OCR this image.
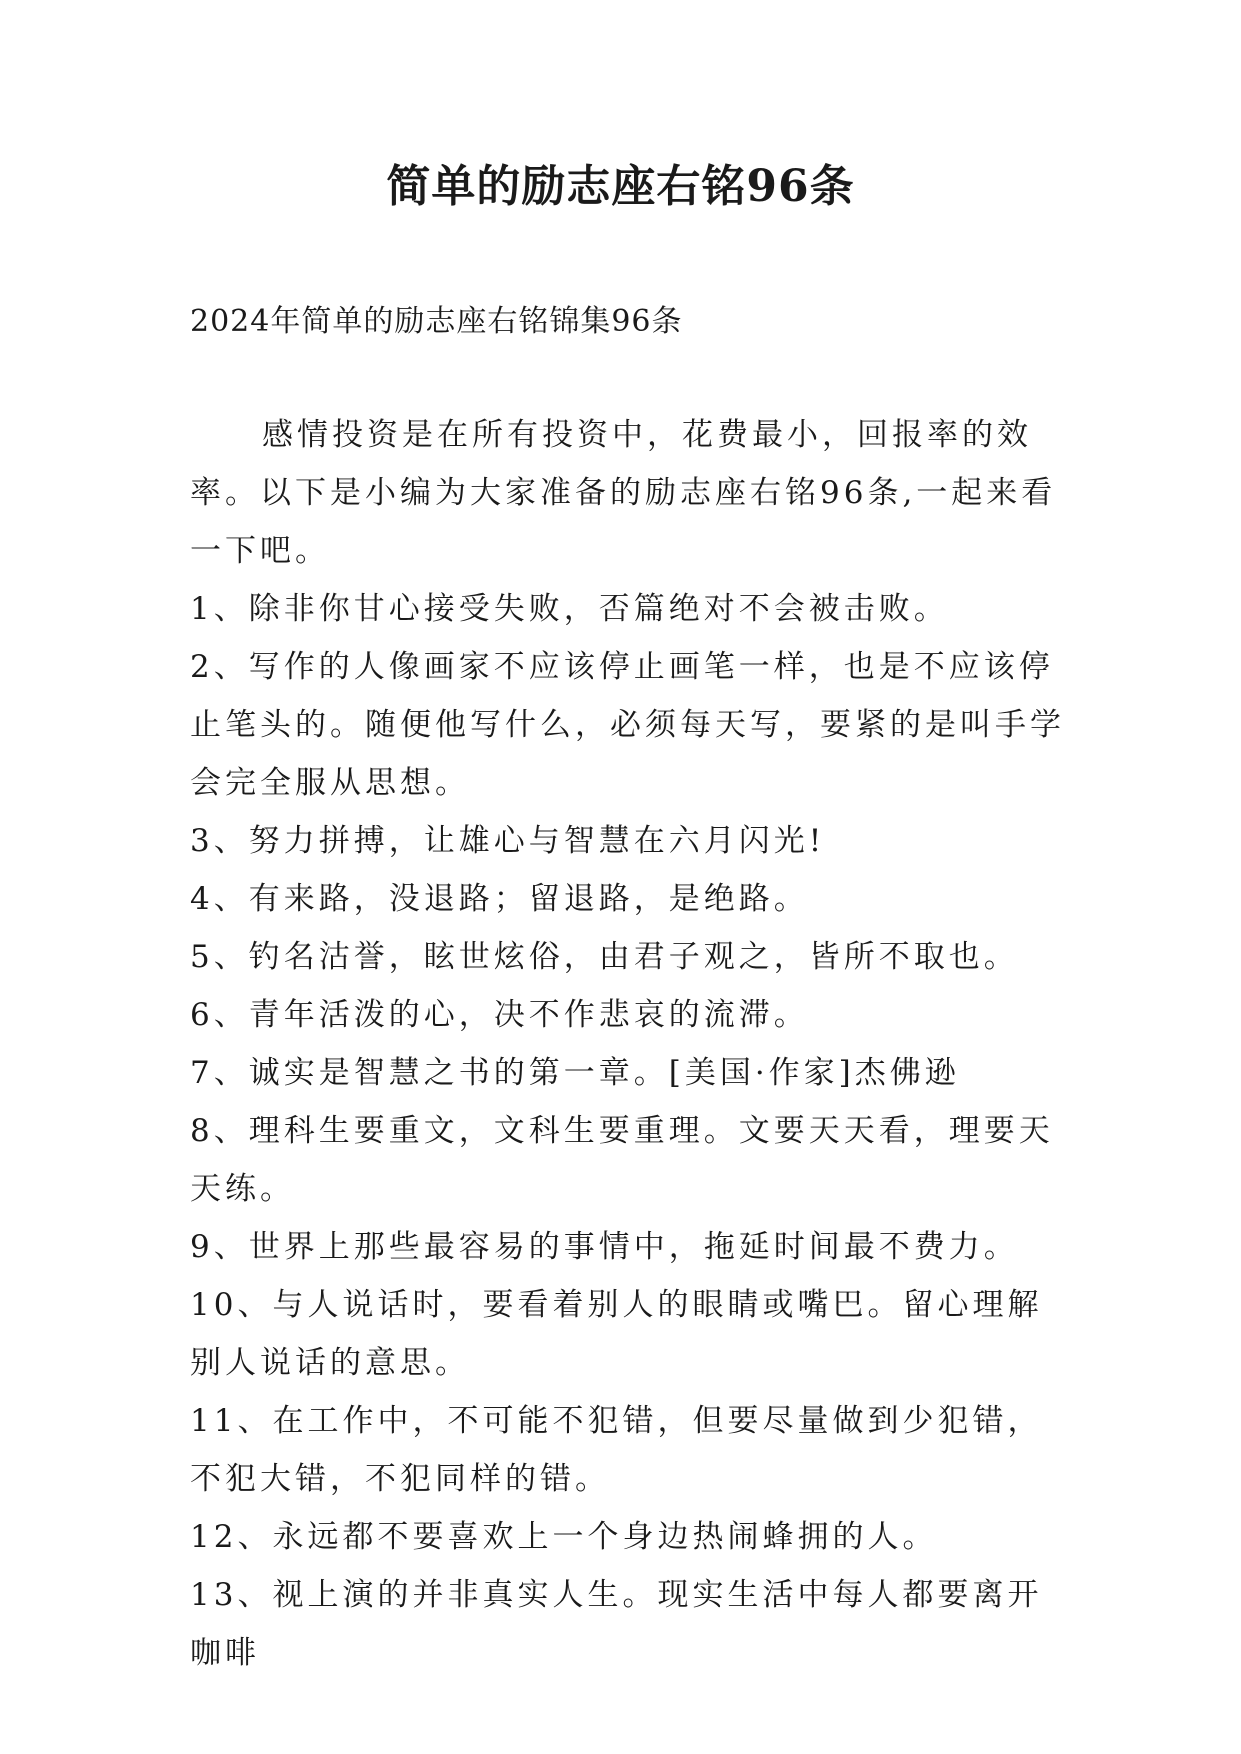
简单的励志座右铭96条

2024年简单的励志座右铭锦集96条

感情投资是在所有投资中，花费最小，回报率的效率。以下是小编为大家准备的励志座右铭96条,一起来看一下吧。

1、除非你甘心接受失败，否篇绝对不会被击败。

2、写作的人像画家不应该停止画笔一样，也是不应该停止笔头的。随便他写什么，必须每天写，要紧的是叫手学会完全服从思想。

3、努力拼搏，让雄心与智慧在六月闪光!

4、有来路，没退路；留退路，是绝路。

5、钓名沽誉，眩世炫俗，由君子观之，皆所不取也。

6、青年活泼的心，决不作悲哀的流滞。

7、诚实是智慧之书的第一章。[美国·作家]杰佛逊

8、理科生要重文，文科生要重理。文要天天看，理要天天练。

9、世界上那些最容易的事情中，拖延时间最不费力。

10、与人说话时，要看着别人的眼睛或嘴巴。留心理解别人说话的意思。

11、在工作中，不可能不犯错，但要尽量做到少犯错，不犯大错，不犯同样的错。

12、永远都不要喜欢上一个身边热闹蜂拥的人。

13、视上演的并非真实人生。现实生活中每人都要离开咖啡
